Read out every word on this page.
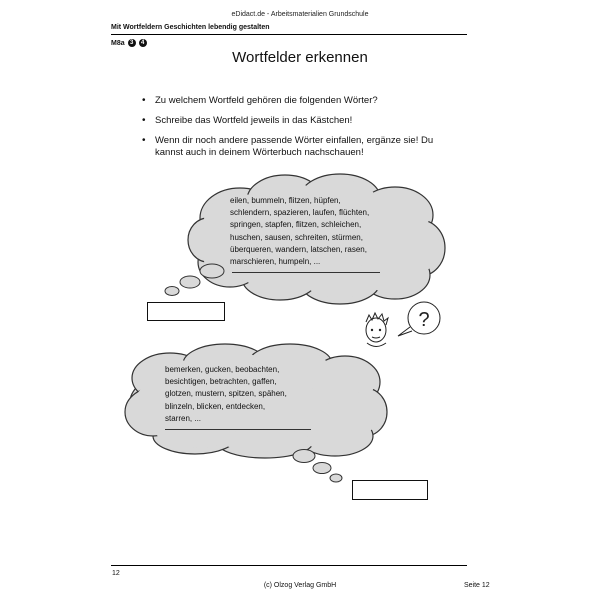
eDidact.de - Arbeitsmaterialien Grundschule
Mit Wortfeldern Geschichten lebendig gestalten
M8a 3	4
Wortfelder erkennen
• Zu welchem Wortfeld gehören die folgenden Wörter?
• Schreibe das Wortfeld jeweils in das Kästchen!
• Wenn dir noch andere passende Wörter einfallen, ergänze sie! Du kannst auch in deinem Wörterbuch nachschauen!
eilen, bummeln, flitzen, hüpfen,
schlendern, spazieren, laufen, flüchten,
springen, stapfen, flitzen, schleichen,
huschen, sausen, schreiten, stürmen,
überqueren, wandern, latschen, rasen,
marschieren, humpeln, ...
?
bemerken, gucken, beobachten,
besichtigen, betrachten, gaffen,
glotzen, mustern, spitzen, spähen,
blinzeln, blicken, entdecken,
starren, ...
12
(c) Olzog Verlag GmbH	Seite 12
